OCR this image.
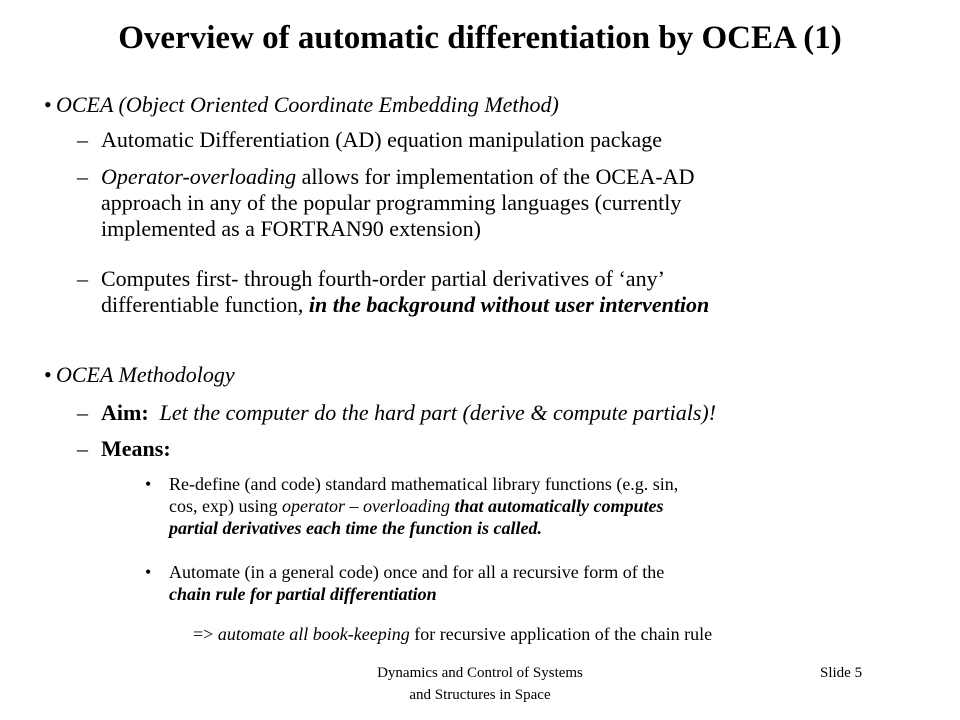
Overview of automatic differentiation by OCEA (1)
• OCEA (Object Oriented Coordinate Embedding Method)
– Automatic Differentiation (AD) equation manipulation package
– Operator-overloading allows for implementation of the OCEA-AD
approach in any of the popular programming languages (currently
implemented as a FORTRAN90 extension)
– Computes first- through fourth-order partial derivatives of ‘any’
differentiable function, in the background without user intervention
• OCEA Methodology
– Aim: Let the computer do the hard part (derive & compute partials)!
– Means:
• Re-define (and code) standard mathematical library functions (e.g. sin,
cos, exp) using operator – overloading that automatically computes
partial derivatives each time the function is called.
• Automate (in a general code) once and for all a recursive form of the
chain rule for partial differentiation
=> automate all book-keeping for recursive application of the chain rule
Dynamics and Control of Systems
and Structures in Space
Slide 5
